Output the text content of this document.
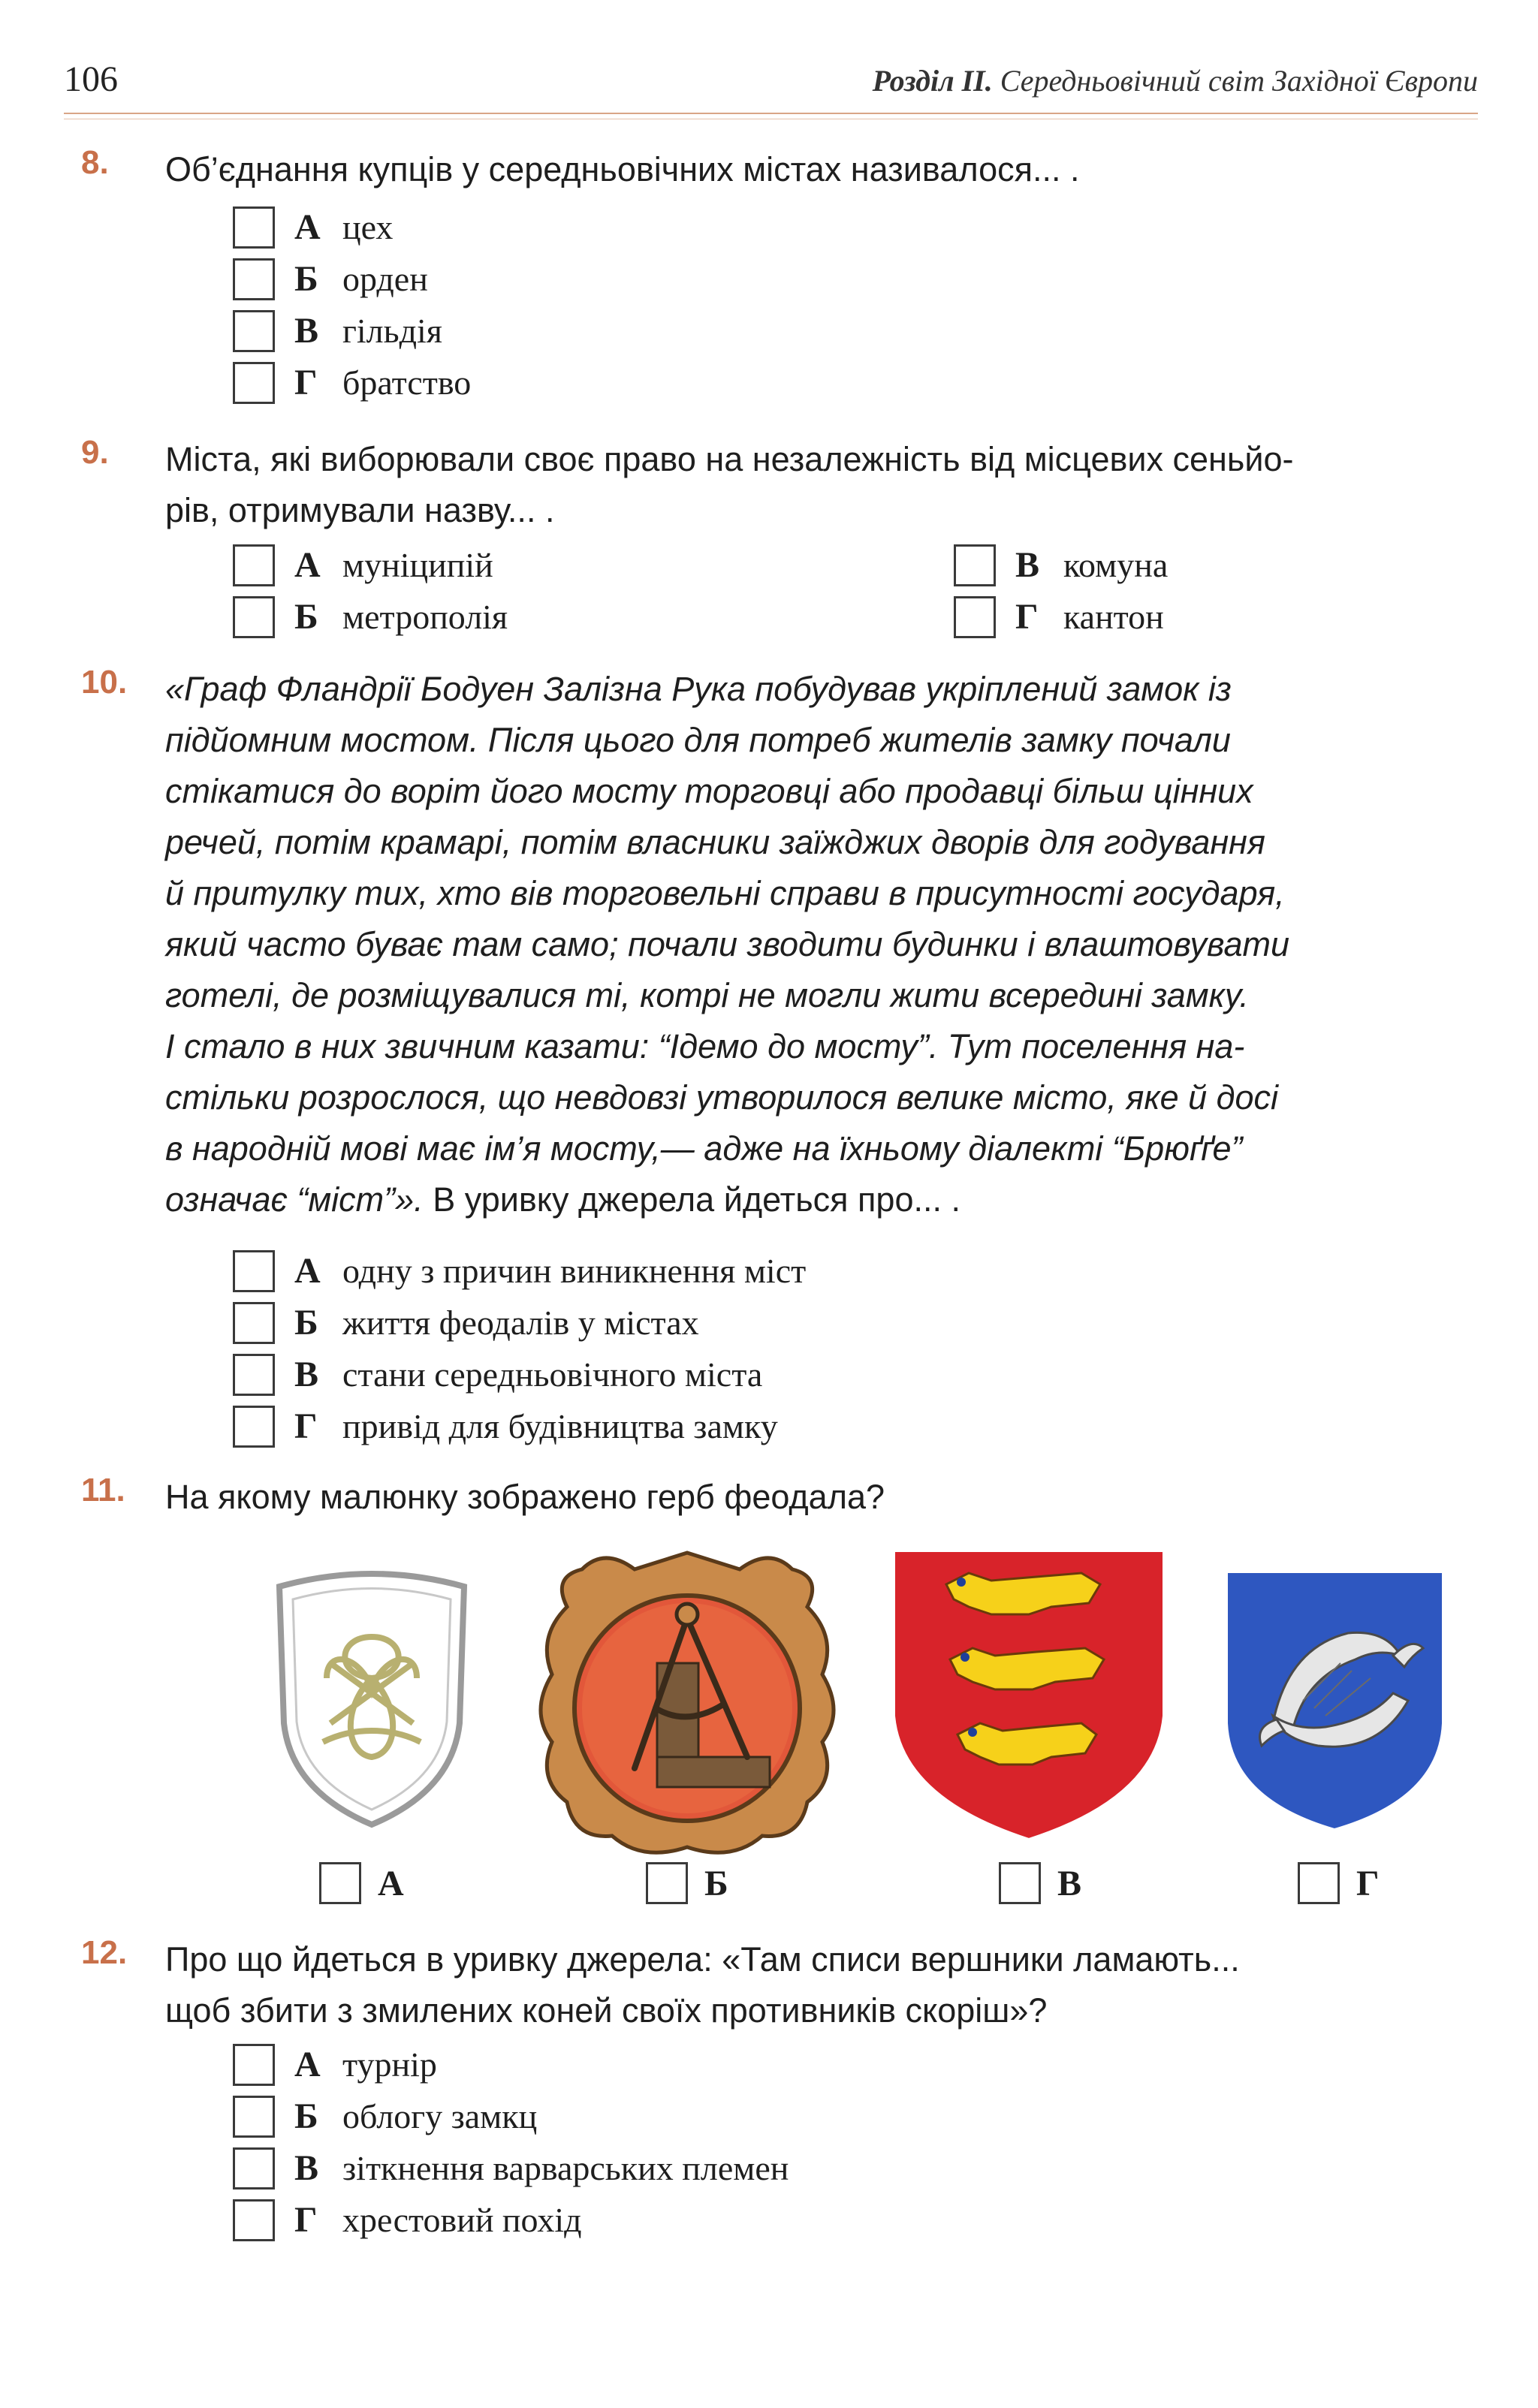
106	Розділ II. Середньовічний світ Західної Європи
8.	Об’єднання купців у середньовічних містах називалося... .

А цех
Б орден
В гільдія
Г братство
9.	Міста, які виборювали своє право на незалежність від місцевих сеньйо-
рів, отримували назву... .

А муніципій
Б метрополія
В комуна
Г кантон
10.	«Граф Фландрії Бодуен Залізна Рука побудував укріплений замок із
підйомним мостом. Після цього для потреб жителів замку почали
стікатися до воріт його мосту торговці або продавці більш цінних
речей, потім крамарі, потім власники заїжджих дворів для годування
й притулку тих, хто вів торговельні справи в присутності государя,
який часто буває там само; почали зводити будинки і влаштовувати
готелі, де розміщувалися ті, котрі не могли жити всередині замку.
І стало в них звичним казати: “Ідемо до мосту”. Тут поселення на-
стільки розрослося, що невдовзі утворилося велике місто, яке й досі
в народній мові має ім’я мосту,— адже на їхньому діалекті “Брюґґе”
означає “міст”». В уривку джерела йдеться про... .

А одну з причин виникнення міст
Б життя феодалів у містах
В стани середньовічного міста
Г привід для будівництва замку
11.	На якому малюнку зображено герб феодала?

А	Б	В	Г
12.	Про що йдеться в уривку джерела: «Там списи вершники ламають...
щоб збити з змилених коней своїх противників скоріш»?

А турнір
Б облогу замкц
В зіткнення варварських племен
Г хрестовий похід
